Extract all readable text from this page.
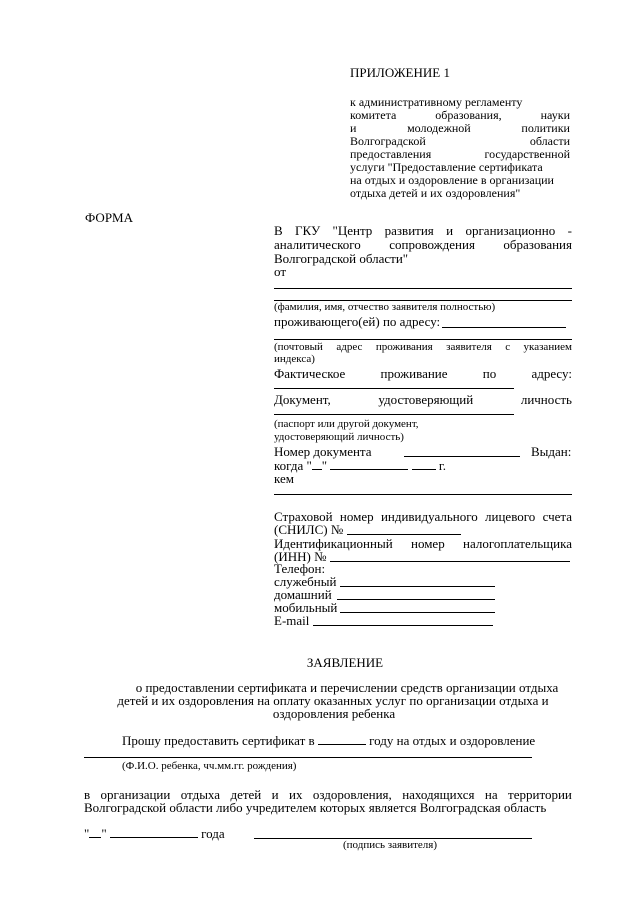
ПРИЛОЖЕНИЕ 1
к административному регламенту
комитета	образования,	науки
и	молодежной	политики
Волгоградской	области
предоставления	государственной
услуги "Предоставление сертификата
на отдых и оздоровление в организации
отдыха детей и их оздоровления"
ФОРМА
В ГКУ "Центр развития и организационно -
аналитического сопровождения образования
Волгоградской области"
от
(фамилия, имя, отчество заявителя полностью)
проживающего(ей) по адресу:
(почтовый адрес проживания заявителя с указанием
индекса)
Фактическое	проживание	по	адресу:
Документ,	удостоверяющий	личность
(паспорт или другой документ,
удостоверяющий личность)
Номер документа	Выдан:
когда " "	г.
кем
Страховой номер индивидуального лицевого счета
(СНИЛС) №
Идентификационный номер налогоплательщика
(ИНН) №
Телефон:
служебный
домашний
мобильный
E-mail
ЗАЯВЛЕНИЕ
о предоставлении сертификата и перечислении средств организации отдыха
детей и их оздоровления на оплату оказанных услуг по организации отдыха и
оздоровления ребенка
Прошу предоставить сертификат в	году на отдых и оздоровление
(Ф.И.О. ребенка, чч.мм.гг. рождения)
в организации отдыха детей и их оздоровления, находящихся на территории
Волгоградской области либо учредителем которых является Волгоградская область
" "	года
(подпись заявителя)
